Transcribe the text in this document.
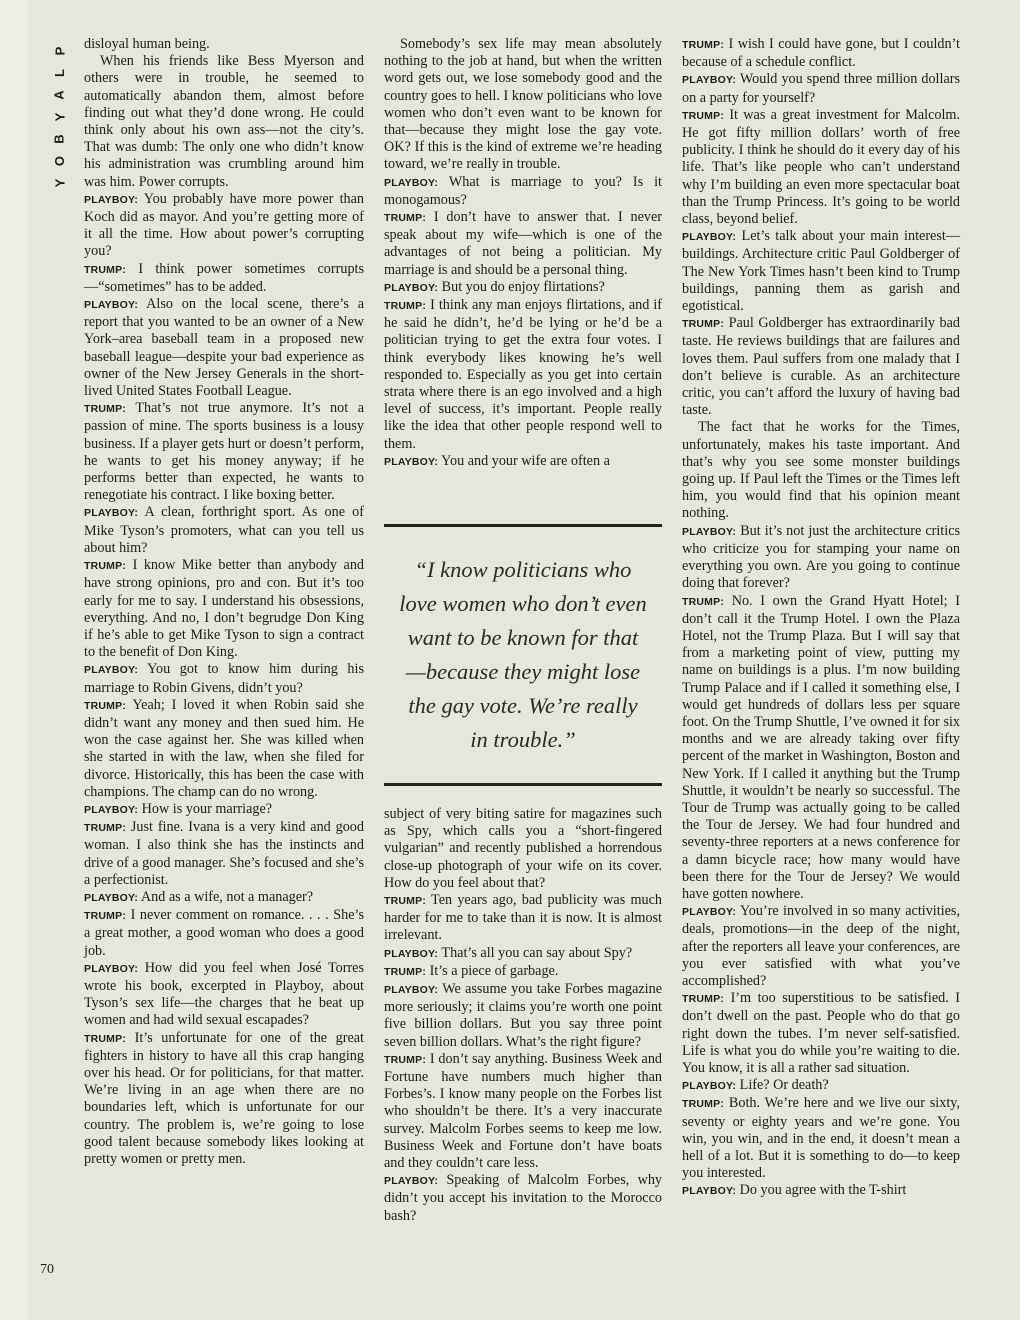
P
L
A
Y
B
O
Y

disloyal human being.

When his friends like Bess Myerson and others were in trouble, he seemed to automatically abandon them, almost before finding out what they’d done wrong. He could think only about his own ass—not the city’s. That was dumb: The only one who didn’t know his administration was crumbling around him was him. Power corrupts.

PLAYBOY: You probably have more power than Koch did as mayor. And you’re getting more of it all the time. How about power’s corrupting you?

TRUMP: I think power sometimes corrupts—“sometimes” has to be added.

PLAYBOY: Also on the local scene, there’s a report that you wanted to be an owner of a New York–area baseball team in a proposed new baseball league—despite your bad experience as owner of the New Jersey Generals in the short-lived United States Football League.

TRUMP: That’s not true anymore. It’s not a passion of mine. The sports business is a lousy business. If a player gets hurt or doesn’t perform, he wants to get his money anyway; if he performs better than expected, he wants to renegotiate his contract. I like boxing better.

PLAYBOY: A clean, forthright sport. As one of Mike Tyson’s promoters, what can you tell us about him?

TRUMP: I know Mike better than anybody and have strong opinions, pro and con. But it’s too early for me to say. I understand his obsessions, everything. And no, I don’t begrudge Don King if he’s able to get Mike Tyson to sign a contract to the benefit of Don King.

PLAYBOY: You got to know him during his marriage to Robin Givens, didn’t you?

TRUMP: Yeah; I loved it when Robin said she didn’t want any money and then sued him. He won the case against her. She was killed when she started in with the law, when she filed for divorce. Historically, this has been the case with champions. The champ can do no wrong.

PLAYBOY: How is your marriage?

TRUMP: Just fine. Ivana is a very kind and good woman. I also think she has the instincts and drive of a good manager. She’s focused and she’s a perfectionist.

PLAYBOY: And as a wife, not a manager?

TRUMP: I never comment on romance. . . . She’s a great mother, a good woman who does a good job.

PLAYBOY: How did you feel when José Torres wrote his book, excerpted in Playboy, about Tyson’s sex life—the charges that he beat up women and had wild sexual escapades?

TRUMP: It’s unfortunate for one of the great fighters in history to have all this crap hanging over his head. Or for politicians, for that matter. We’re living in an age when there are no boundaries left, which is unfortunate for our country. The problem is, we’re going to lose good talent because somebody likes looking at pretty women or pretty men.

Somebody’s sex life may mean absolutely nothing to the job at hand, but when the written word gets out, we lose somebody good and the country goes to hell. I know politicians who love women who don’t even want to be known for that—because they might lose the gay vote. OK? If this is the kind of extreme we’re heading toward, we’re really in trouble.

PLAYBOY: What is marriage to you? Is it monogamous?

TRUMP: I don’t have to answer that. I never speak about my wife—which is one of the advantages of not being a politician. My marriage is and should be a personal thing.

PLAYBOY: But you do enjoy flirtations?

TRUMP: I think any man enjoys flirtations, and if he said he didn’t, he’d be lying or he’d be a politician trying to get the extra four votes. I think everybody likes knowing he’s well responded to. Especially as you get into certain strata where there is an ego involved and a high level of success, it’s important. People really like the idea that other people respond well to them.

PLAYBOY: You and your wife are often a

“I know politicians who love women who don’t even want to be known for that—because they might lose the gay vote. We’re really in trouble.”

subject of very biting satire for magazines such as Spy, which calls you a “short-fingered vulgarian” and recently published a horrendous close-up photograph of your wife on its cover. How do you feel about that?

TRUMP: Ten years ago, bad publicity was much harder for me to take than it is now. It is almost irrelevant.

PLAYBOY: That’s all you can say about Spy?

TRUMP: It’s a piece of garbage.

PLAYBOY: We assume you take Forbes magazine more seriously; it claims you’re worth one point five billion dollars. But you say three point seven billion dollars. What’s the right figure?

TRUMP: I don’t say anything. Business Week and Fortune have numbers much higher than Forbes’s. I know many people on the Forbes list who shouldn’t be there. It’s a very inaccurate survey. Malcolm Forbes seems to keep me low. Business Week and Fortune don’t have boats and they couldn’t care less.

PLAYBOY: Speaking of Malcolm Forbes, why didn’t you accept his invitation to the Morocco bash?

TRUMP: I wish I could have gone, but I couldn’t because of a schedule conflict.

PLAYBOY: Would you spend three million dollars on a party for yourself?

TRUMP: It was a great investment for Malcolm. He got fifty million dollars’ worth of free publicity. I think he should do it every day of his life. That’s like people who can’t understand why I’m building an even more spectacular boat than the Trump Princess. It’s going to be world class, beyond belief.

PLAYBOY: Let’s talk about your main interest—buildings. Architecture critic Paul Goldberger of The New York Times hasn’t been kind to Trump buildings, panning them as garish and egotistical.

TRUMP: Paul Goldberger has extraordinarily bad taste. He reviews buildings that are failures and loves them. Paul suffers from one malady that I don’t believe is curable. As an architecture critic, you can’t afford the luxury of having bad taste.

The fact that he works for the Times, unfortunately, makes his taste important. And that’s why you see some monster buildings going up. If Paul left the Times or the Times left him, you would find that his opinion meant nothing.

PLAYBOY: But it’s not just the architecture critics who criticize you for stamping your name on everything you own. Are you going to continue doing that forever?

TRUMP: No. I own the Grand Hyatt Hotel; I don’t call it the Trump Hotel. I own the Plaza Hotel, not the Trump Plaza. But I will say that from a marketing point of view, putting my name on buildings is a plus. I’m now building Trump Palace and if I called it something else, I would get hundreds of dollars less per square foot. On the Trump Shuttle, I’ve owned it for six months and we are already taking over fifty percent of the market in Washington, Boston and New York. If I called it anything but the Trump Shuttle, it wouldn’t be nearly so successful. The Tour de Trump was actually going to be called the Tour de Jersey. We had four hundred and seventy-three reporters at a news conference for a damn bicycle race; how many would have been there for the Tour de Jersey? We would have gotten nowhere.

PLAYBOY: You’re involved in so many activities, deals, promotions—in the deep of the night, after the reporters all leave your conferences, are you ever satisfied with what you’ve accomplished?

TRUMP: I’m too superstitious to be satisfied. I don’t dwell on the past. People who do that go right down the tubes. I’m never self-satisfied. Life is what you do while you’re waiting to die. You know, it is all a rather sad situation.

PLAYBOY: Life? Or death?

TRUMP: Both. We’re here and we live our sixty, seventy or eighty years and we’re gone. You win, you win, and in the end, it doesn’t mean a hell of a lot. But it is something to do—to keep you interested.

PLAYBOY: Do you agree with the T-shirt

70
